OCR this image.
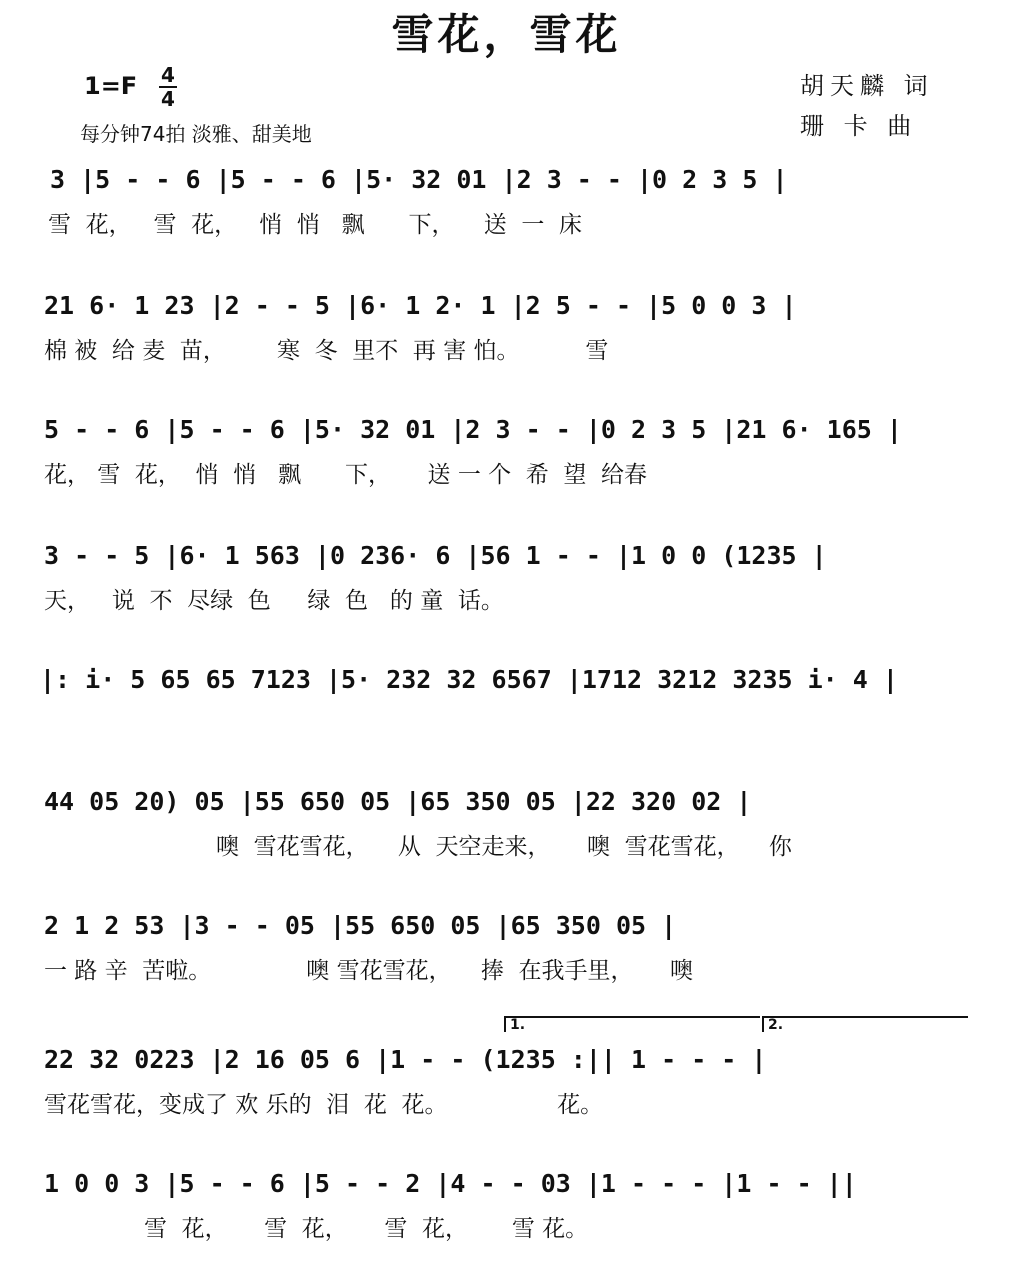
雪花，雪花
1=F 4
4
每分钟74拍 淡雅、甜美地
胡天麟 词
珊 卡 曲
3 |5 - - 6 |5 - - 6 |5· 32 01 |2 3 - - |0 2 3 5 |
雪  花，   雪  花，   悄  悄   飘      下，    送  一  床
21 6· 1 23 |2 - - 5 |6· 1 2· 1 |2 5 - - |5 0 0 3 |
棉 被  给 麦  苗，       寒  冬  里不  再 害 怕。         雪
5 - - 6 |5 - - 6 |5· 32 01 |2 3 - - |0 2 3 5 |21 6· 165 |
花， 雪  花，  悄  悄   飘      下，     送 一 个  希  望  给春
3 - - 5 |6· 1 563 |0 236· 6 |56 1 - - |1 0 0 (1235 |
天，   说  不  尽绿  色     绿  色   的 童  话。
|: i· 5 65 65 7123 |5· 232 32 6567 |1712 3212 3235 i· 4 |
44 05 20) 05 |55 650 05 |65 350 05 |22 320 02 |
噢  雪花雪花，    从  天空走来，     噢  雪花雪花，    你
2 1 2 53 |3 - - 05 |55 650 05 |65 350 05 |
一 路 辛  苦啦。             噢 雪花雪花，    捧  在我手里，     噢
1.	2.
22 32 0223 |2 16 05 6 |1 - - (1235 :|| 1 - - - |
雪花雪花，变成了 欢 乐的  泪  花  花。               花。
1 0 0 3 |5 - - 6 |5 - - 2 |4 - - 03 |1 - - - |1 - - ||
雪  花，     雪  花，     雪  花，      雪 花。
